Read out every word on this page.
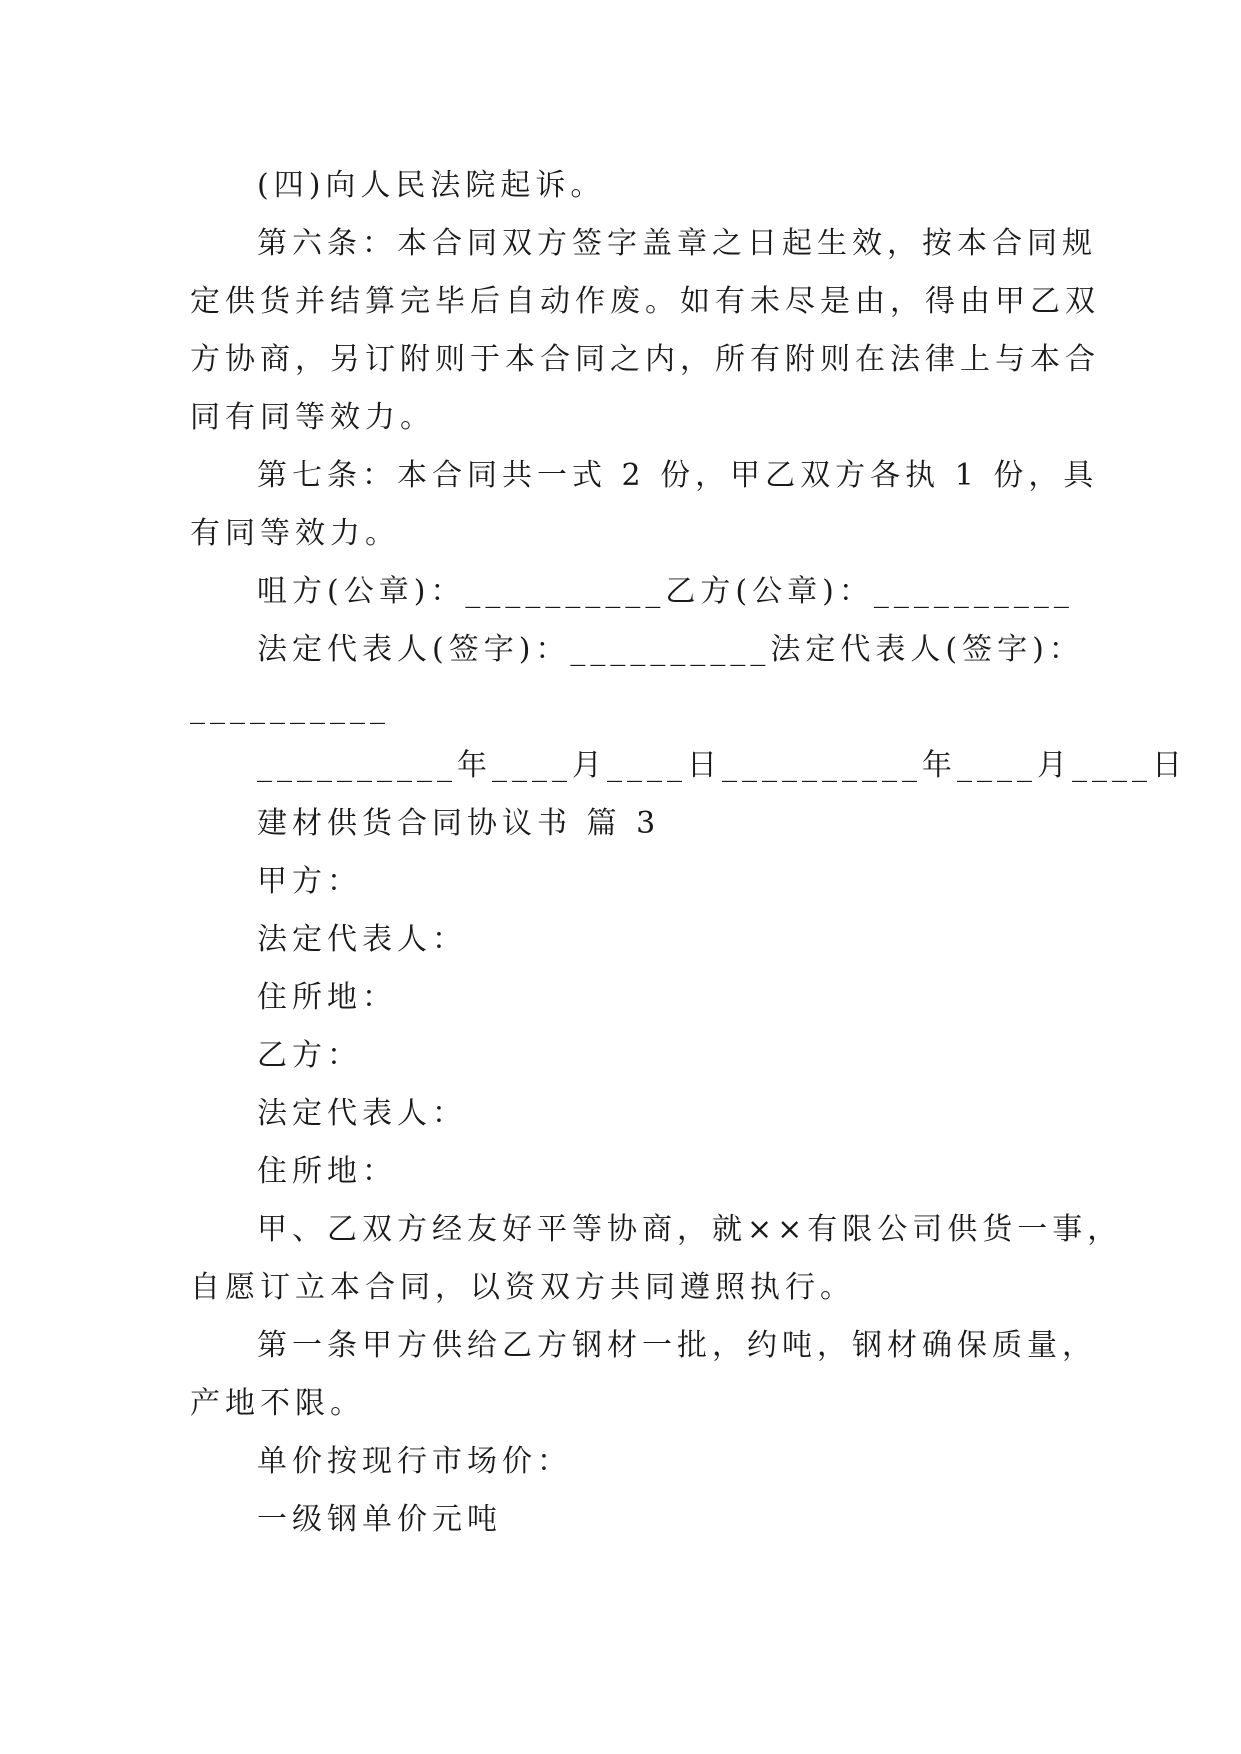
(四)向人民法院起诉。

第六条：本合同双方签字盖章之日起生效，按本合同规

定供货并结算完毕后自动作废。如有未尽是由，得由甲乙双

方协商，另订附则于本合同之内，所有附则在法律上与本合

同有同等效力。

第七条：本合同共一式 2 份，甲乙双方各执 1 份，具

有同等效力。

咀方(公章)：__________乙方(公章)：__________

法定代表人(签字)：__________法定代表人(签字)：

__________

__________年____月____日__________年____月____日

建材供货合同协议书 篇 3

甲方：

法定代表人：

住所地：

乙方：

法定代表人：

住所地：

甲、乙双方经友好平等协商，就××有限公司供货一事，

自愿订立本合同，以资双方共同遵照执行。

第一条甲方供给乙方钢材一批，约吨，钢材确保质量，

产地不限。

单价按现行市场价：

一级钢单价元吨
